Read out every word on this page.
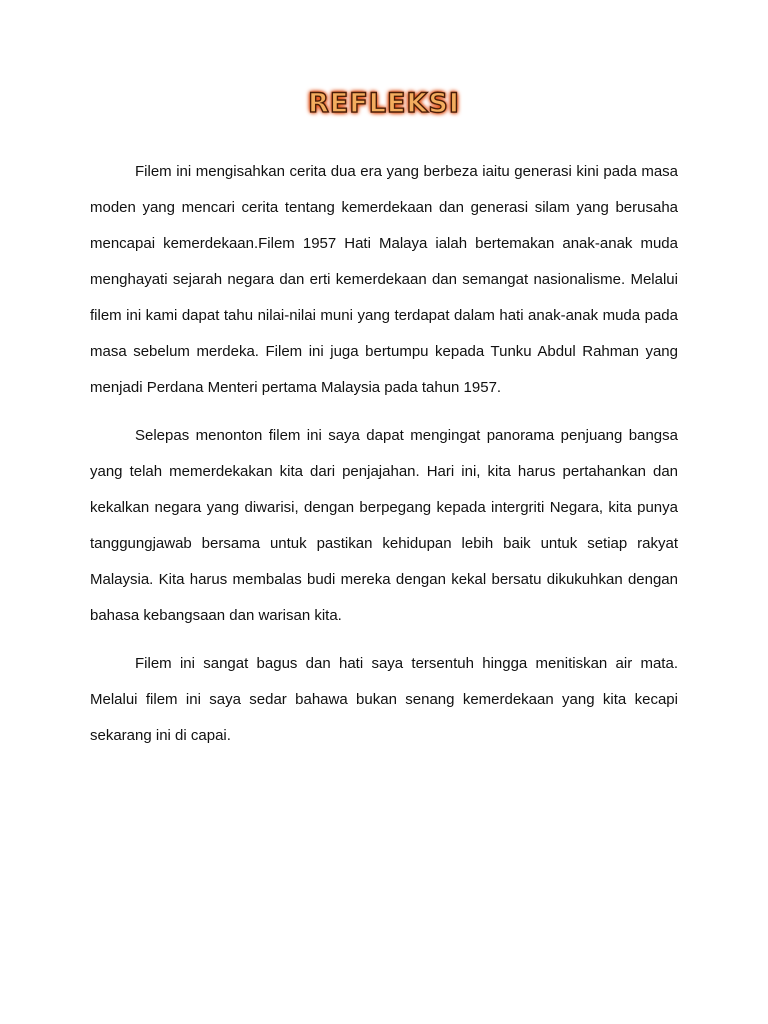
REFLEKSI

Filem ini mengisahkan cerita dua era yang berbeza iaitu generasi kini pada masa moden yang mencari cerita tentang kemerdekaan dan generasi silam yang berusaha mencapai kemerdekaan.Filem 1957 Hati Malaya ialah bertemakan anak-anak muda menghayati sejarah negara dan erti kemerdekaan dan semangat nasionalisme. Melalui filem ini kami dapat tahu nilai-nilai muni yang terdapat dalam hati anak-anak muda pada masa sebelum merdeka. Filem ini juga bertumpu kepada Tunku Abdul Rahman yang menjadi Perdana Menteri pertama Malaysia pada tahun 1957.

Selepas menonton filem ini saya dapat mengingat panorama penjuang bangsa yang telah memerdekakan kita dari penjajahan. Hari ini, kita harus pertahankan dan kekalkan negara yang diwarisi, dengan berpegang kepada intergriti Negara, kita punya tanggungjawab bersama untuk pastikan kehidupan lebih baik untuk setiap rakyat Malaysia. Kita harus membalas budi mereka dengan kekal bersatu dikukuhkan dengan bahasa kebangsaan dan warisan kita.

Filem ini sangat bagus dan hati saya tersentuh hingga menitiskan air mata. Melalui filem ini saya sedar bahawa bukan senang kemerdekaan yang kita kecapi sekarang ini di capai.
